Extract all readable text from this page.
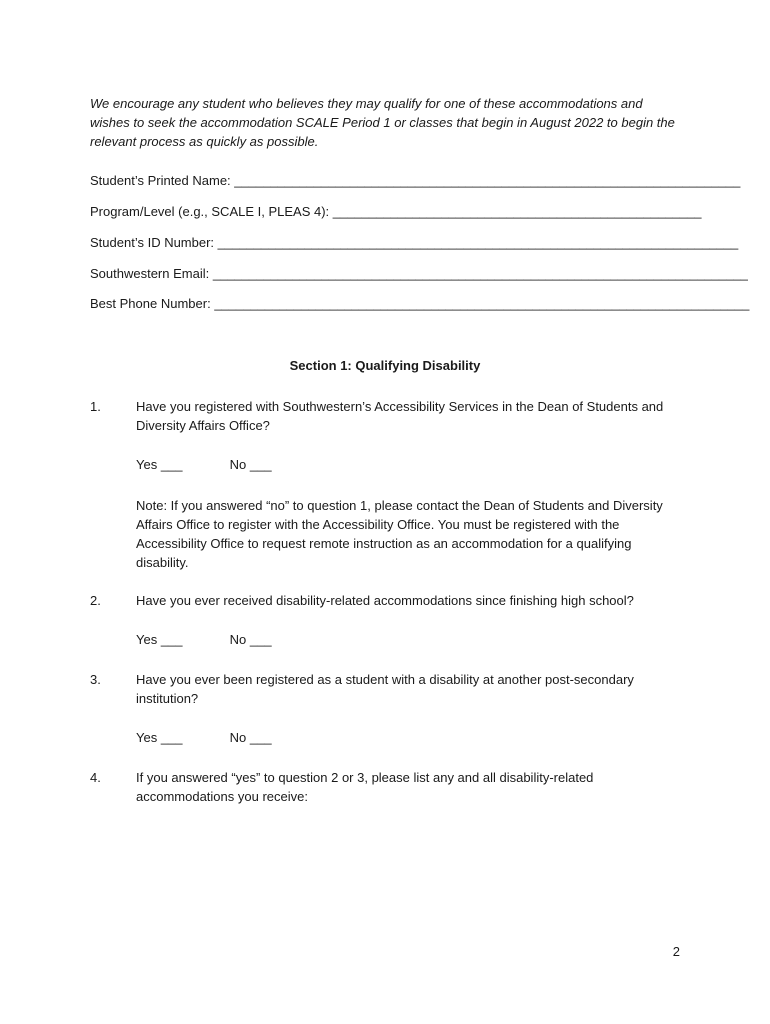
We encourage any student who believes they may qualify for one of these accommodations and wishes to seek the accommodation SCALE Period 1 or classes that begin in August 2022 to begin the relevant process as quickly as possible.

Student’s Printed Name: ______________________________________________________________________
Program/Level (e.g., SCALE I, PLEAS 4): ___________________________________________________
Student’s ID Number: ________________________________________________________________________
Southwestern Email: __________________________________________________________________________
Best Phone Number: __________________________________________________________________________
Section 1: Qualifying Disability
1.	Have you registered with Southwestern’s Accessibility Services in the Dean of Students and Diversity Affairs Office?

Yes ___	No ___

Note: If you answered “no” to question 1, please contact the Dean of Students and Diversity Affairs Office to register with the Accessibility Office. You must be registered with the Accessibility Office to request remote instruction as an accommodation for a qualifying disability.

2.	Have you ever received disability-related accommodations since finishing high school?

Yes ___	No ___
3.	Have you ever been registered as a student with a disability at another post-secondary institution?

Yes ___	No ___
4.	If you answered “yes” to question 2 or 3, please list any and all disability-related accommodations you receive:

2
